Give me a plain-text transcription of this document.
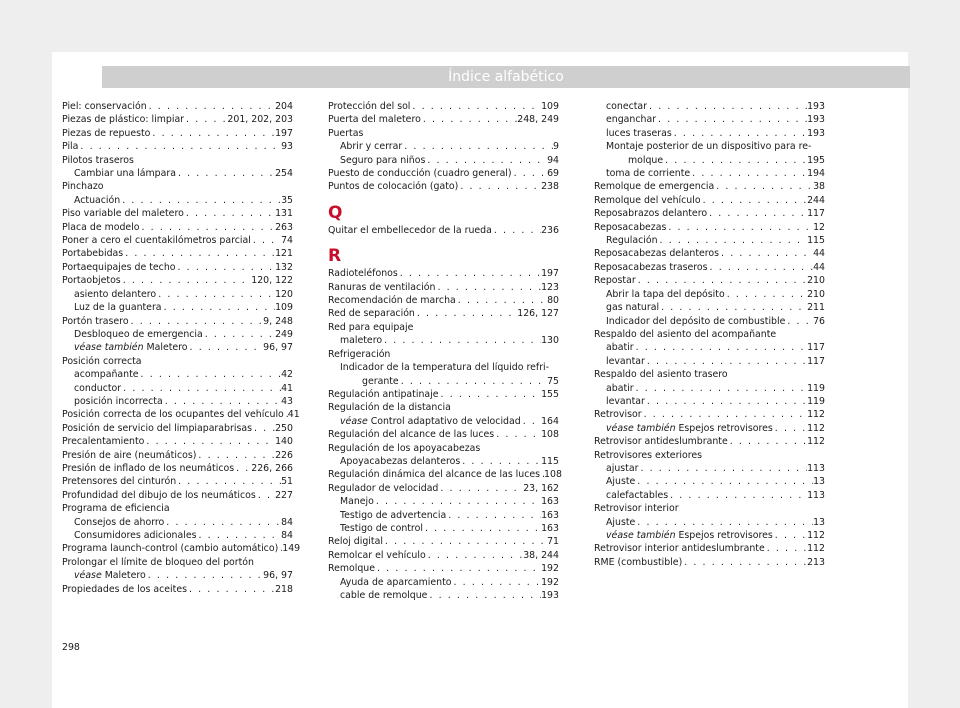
Índice alfabético
Piel: conservación . . .	204
Piezas de plástico: limpiar . . .	201, 202, 203
Piezas de repuesto . . .	197
Pila . . .	93
Pilotos traseros
Cambiar una lámpara . . .	254
Pinchazo
Actuación . . .	35
Piso variable del maletero . . .	131
Placa de modelo . . .	263
Poner a cero el cuentakilómetros parcial . . .	74
Portabebidas . . .	121
Portaequipajes de techo . . .	132
Portaobjetos . . .	120, 122
asiento delantero . . .	120
Luz de la guantera . . .	109
Portón trasero . . .	9, 248
Desbloqueo de emergencia . . .	249
véase también Maletero . . .	96, 97
Posición correcta
acompañante . . .	42
conductor . . .	41
posición incorrecta . . .	43
Posición correcta de los ocupantes del vehículo . . . 41
Posición de servicio del limpiaparabrisas . . . 250
Precalentamiento . . .	140
Presión de aire (neumáticos) . . .	226
Presión de inflado de los neumáticos . . . 226, 266
Pretensores del cinturón . . .	51
Profundidad del dibujo de los neumáticos . . . 227
Programa de eficiencia
Consejos de ahorro . . .	84
Consumidores adicionales . . .	84
Programa launch-control (cambio automático) . . . 149
Prolongar el límite de bloqueo del portón
véase Maletero . . .	96, 97
Propiedades de los aceites . . .	218
Protección del sol . . .	109
Puerta del maletero . . .	248, 249
Puertas
Abrir y cerrar . . .	9
Seguro para niños . . .	94
Puesto de conducción (cuadro general) . . .	69
Puntos de colocación (gato) . . .	238
Q
Quitar el embellecedor de la rueda . . .	236
R
Radioteléfonos . . .	197
Ranuras de ventilación . . .	123
Recomendación de marcha . . .	80
Red de separación . . .	126, 127
Red para equipaje
maletero . . .	130
Refrigeración
Indicador de la temperatura del líquido refri-
gerante . . .	75
Regulación antipatinaje . . .	155
Regulación de la distancia
véase Control adaptativo de velocidad . . . 164
Regulación del alcance de las luces . . .	108
Regulación de los apoyacabezas
Apoyacabezas delanteros . . .	115
Regulación dinámica del alcance de las luces . . . 108
Regulador de velocidad . . .	23, 162
Manejo . . .	163
Testigo de advertencia . . .	163
Testigo de control . . .	163
Reloj digital . . .	71
Remolcar el vehículo . . .	38, 244
Remolque . . .	192
Ayuda de aparcamiento . . .	192
cable de remolque . . .	193
conectar . . .	193
enganchar . . .	193
luces traseras . . .	193
Montaje posterior de un dispositivo para re-
molque . . .	195
toma de corriente . . .	194
Remolque de emergencia . . .	38
Remolque del vehículo . . .	244
Reposabrazos delantero . . .	117
Reposacabezas . . .	12
Regulación . . .	115
Reposacabezas delanteros . . .	44
Reposacabezas traseros . . .	44
Repostar . . .	210
Abrir la tapa del depósito . . .	210
gas natural . . .	211
Indicador del depósito de combustible . . .	76
Respaldo del asiento del acompañante
abatir . . .	117
levantar . . .	117
Respaldo del asiento trasero
abatir . . .	119
levantar . . .	119
Retrovisor . . .	112
véase también Espejos retrovisores . . .	112
Retrovisor antideslumbrante . . .	112
Retrovisores exteriores
ajustar . . .	113
Ajuste . . .	13
calefactables . . .	113
Retrovisor interior
Ajuste . . .	13
véase también Espejos retrovisores . . .	112
Retrovisor interior antideslumbrante . . .	112
RME (combustible) . . .	213
298
